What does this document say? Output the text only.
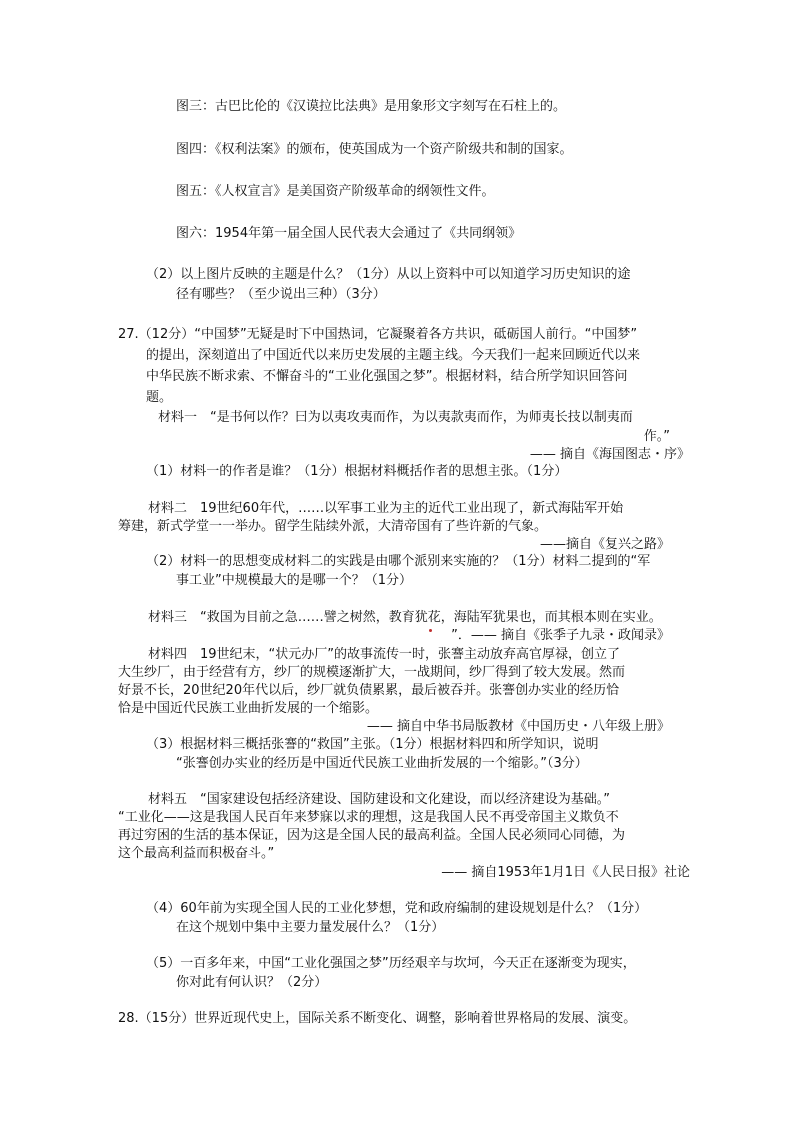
图三：古巴比伦的《汉谟拉比法典》是用象形文字刻写在石柱上的。
图四：《权利法案》的颁布，使英国成为一个资产阶级共和制的国家。
图五：《人权宣言》是美国资产阶级革命的纲领性文件。
图六：1954年第一届全国人民代表大会通过了《共同纲领》
（2）以上图片反映的主题是什么？（1分）从以上资料中可以知道学习历史知识的途
径有哪些？（至少说出三种）（3分）
27.（12分）“中国梦”无疑是时下中国热词，它凝聚着各方共识，砥砺国人前行。“中国梦”
的提出，深刻道出了中国近代以来历史发展的主题主线。今天我们一起来回顾近代以来
中华民族不断求索、不懈奋斗的“工业化强国之梦”。根据材料，结合所学知识回答问
题。
材料一　“是书何以作？曰为以夷攻夷而作，为以夷款夷而作，为师夷长技以制夷而
作。”
—— 摘自《海国图志・序》
（1）材料一的作者是谁？（1分）根据材料概括作者的思想主张。（1分）
材料二　19世纪60年代，……以军事工业为主的近代工业出现了，新式海陆军开始
筹建，新式学堂一一举办。留学生陆续外派，大清帝国有了些许新的气象。
——摘自《复兴之路》
（2）材料一的思想变成材料二的实践是由哪个派别来实施的？（1分）材料二提到的“军
事工业”中规模最大的是哪一个？（1分）
材料三　“救国为目前之急……譬之树然，教育犹花，海陆军犹果也，而其根本则在实业。
”．—— 摘自《张季子九录・政闻录》
材料四　19世纪末，“状元办厂”的故事流传一时，张謇主动放弃高官厚禄，创立了
大生纱厂，由于经营有方，纱厂的规模逐渐扩大，一战期间，纱厂得到了较大发展。然而
好景不长，20世纪20年代以后，纱厂就负债累累，最后被吞并。张謇创办实业的经历恰
恰是中国近代民族工业曲折发展的一个缩影。
—— 摘自中华书局版教材《中国历史・八年级上册》
（3）根据材料三概括张謇的“救国”主张。（1分）根据材料四和所学知识，说明
“张謇创办实业的经历是中国近代民族工业曲折发展的一个缩影。”（3分）
材料五　“国家建设包括经济建设、国防建设和文化建设，而以经济建设为基础。”
“工业化——这是我国人民百年来梦寐以求的理想，这是我国人民不再受帝国主义欺负不
再过穷困的生活的基本保证，因为这是全国人民的最高利益。全国人民必须同心同德，为
这个最高利益而积极奋斗。”
—— 摘自1953年1月1日《人民日报》社论
（4）60年前为实现全国人民的工业化梦想，党和政府编制的建设规划是什么？（1分）
在这个规划中集中主要力量发展什么？（1分）
（5）一百多年来，中国“工业化强国之梦”历经艰辛与坎坷，今天正在逐渐变为现实，
你对此有何认识？（2分）
28.（15分）世界近现代史上，国际关系不断变化、调整，影响着世界格局的发展、演变。
